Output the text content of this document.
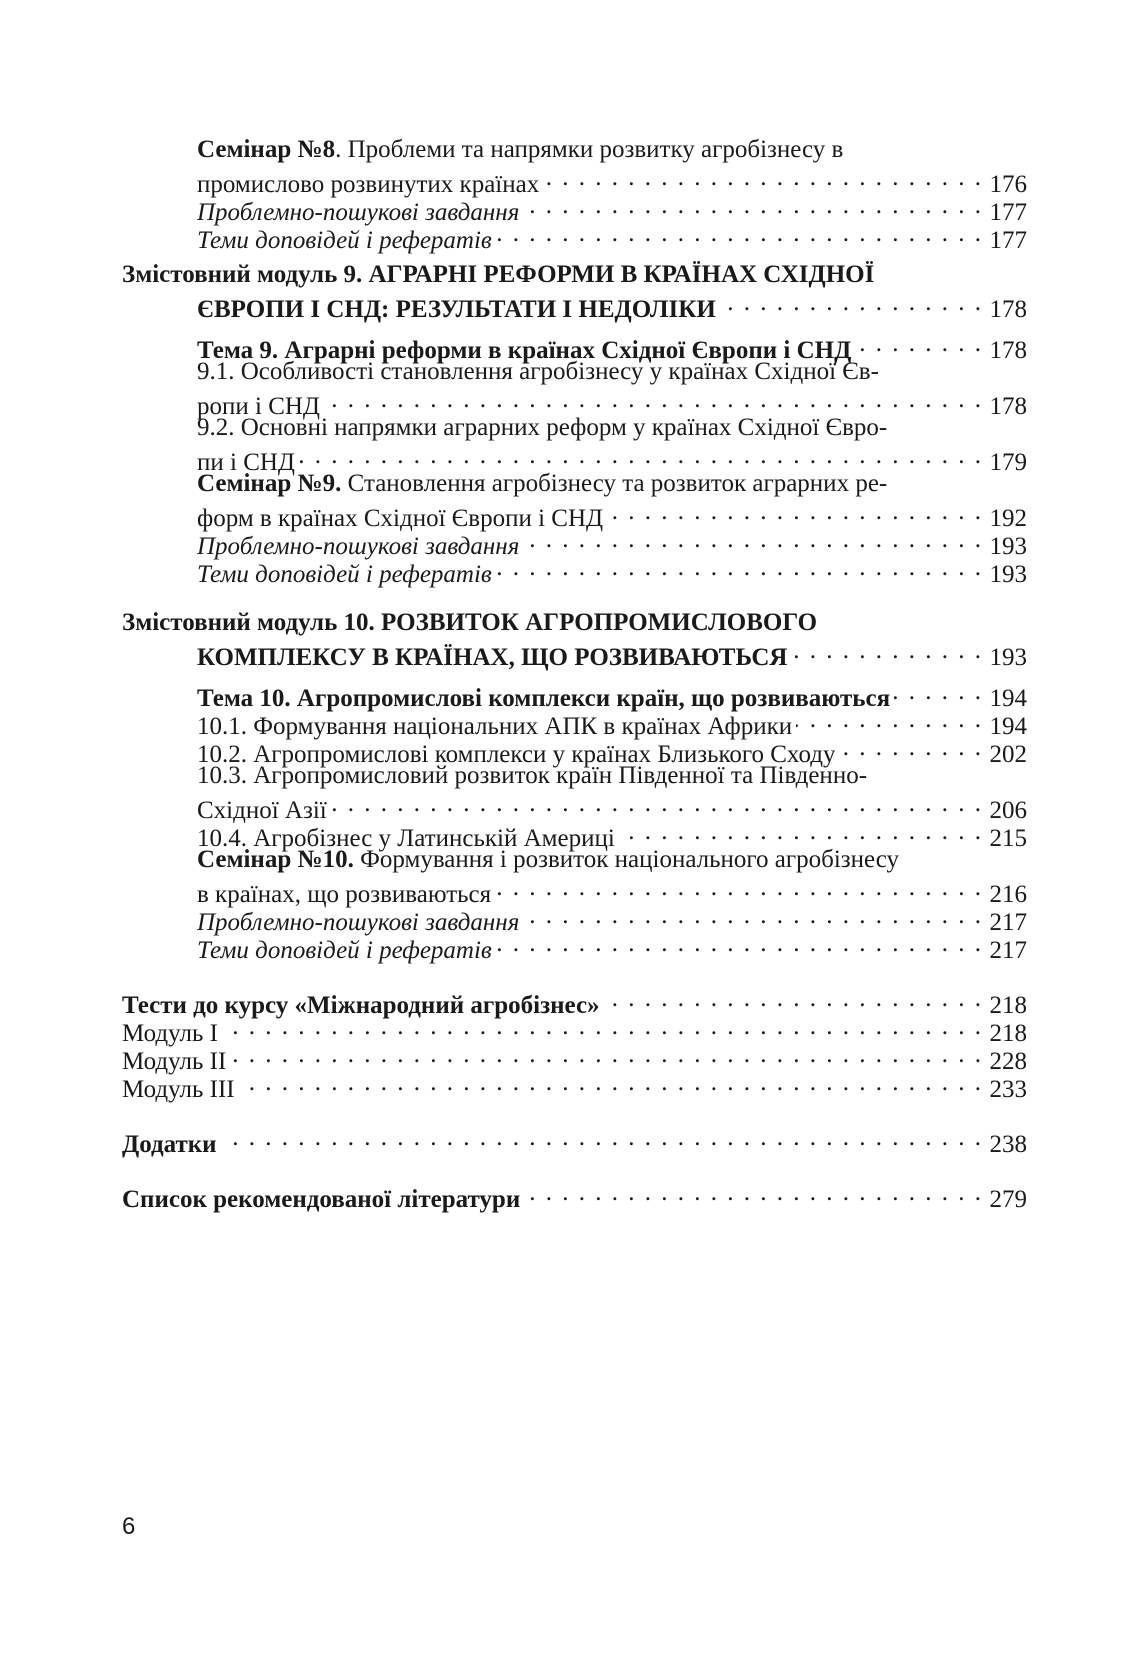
Семінар №8. Проблеми та напрямки розвитку агробізнесу в
промислово розвинутих країнах . . .	176
Проблемно-пошукові завдання . . .	177
Теми доповідей і рефератів . . .	177
Змістовний модуль 9. АГРАРНІ РЕФОРМИ В КРАЇНАХ СХІДНОЇ
ЄВРОПИ І СНД: РЕЗУЛЬТАТИ І НЕДОЛІКИ . . .	178
Тема 9. Аграрні реформи в країнах Східної Європи і СНД . . .	178
9.1. Особливості становлення агробізнесу у країнах Східної Єв-
ропи і СНД . . .	178
9.2. Основні напрямки аграрних реформ у країнах Східної Євро-
пи і СНД . . .	179
Семінар №9. Становлення агробізнесу та розвиток аграрних ре-
форм в країнах Східної Європи і СНД . . .	192
Проблемно-пошукові завдання . . .	193
Теми доповідей і рефератів . . .	193
Змістовний модуль 10. РОЗВИТОК АГРОПРОМИСЛОВОГО
КОМПЛЕКСУ В КРАЇНАХ, ЩО РОЗВИВАЮТЬСЯ . . .	193
Тема 10. Агропромислові комплекси країн, що розвиваються . . .	194
10.1. Формування національних АПК в країнах Африки . . .	194
10.2. Агропромислові комплекси у країнах Близького Сходу . . .	202
10.3. Агропромисловий розвиток країн Південної та Південно-
Східної Азії . . .	206
10.4. Агробізнес у Латинській Америці . . .	215
Семінар №10. Формування і розвиток національного агробізнесу
в країнах, що розвиваються . . .	216
Проблемно-пошукові завдання . . .	217
Теми доповідей і рефератів . . .	217
Тести до курсу «Міжнародний агробізнес» . . .	218
Модуль I . . .	218
Модуль II . . .	228
Модуль III . . .	233
Додатки . . .	238
Список рекомендованої літератури . . .	279
6
